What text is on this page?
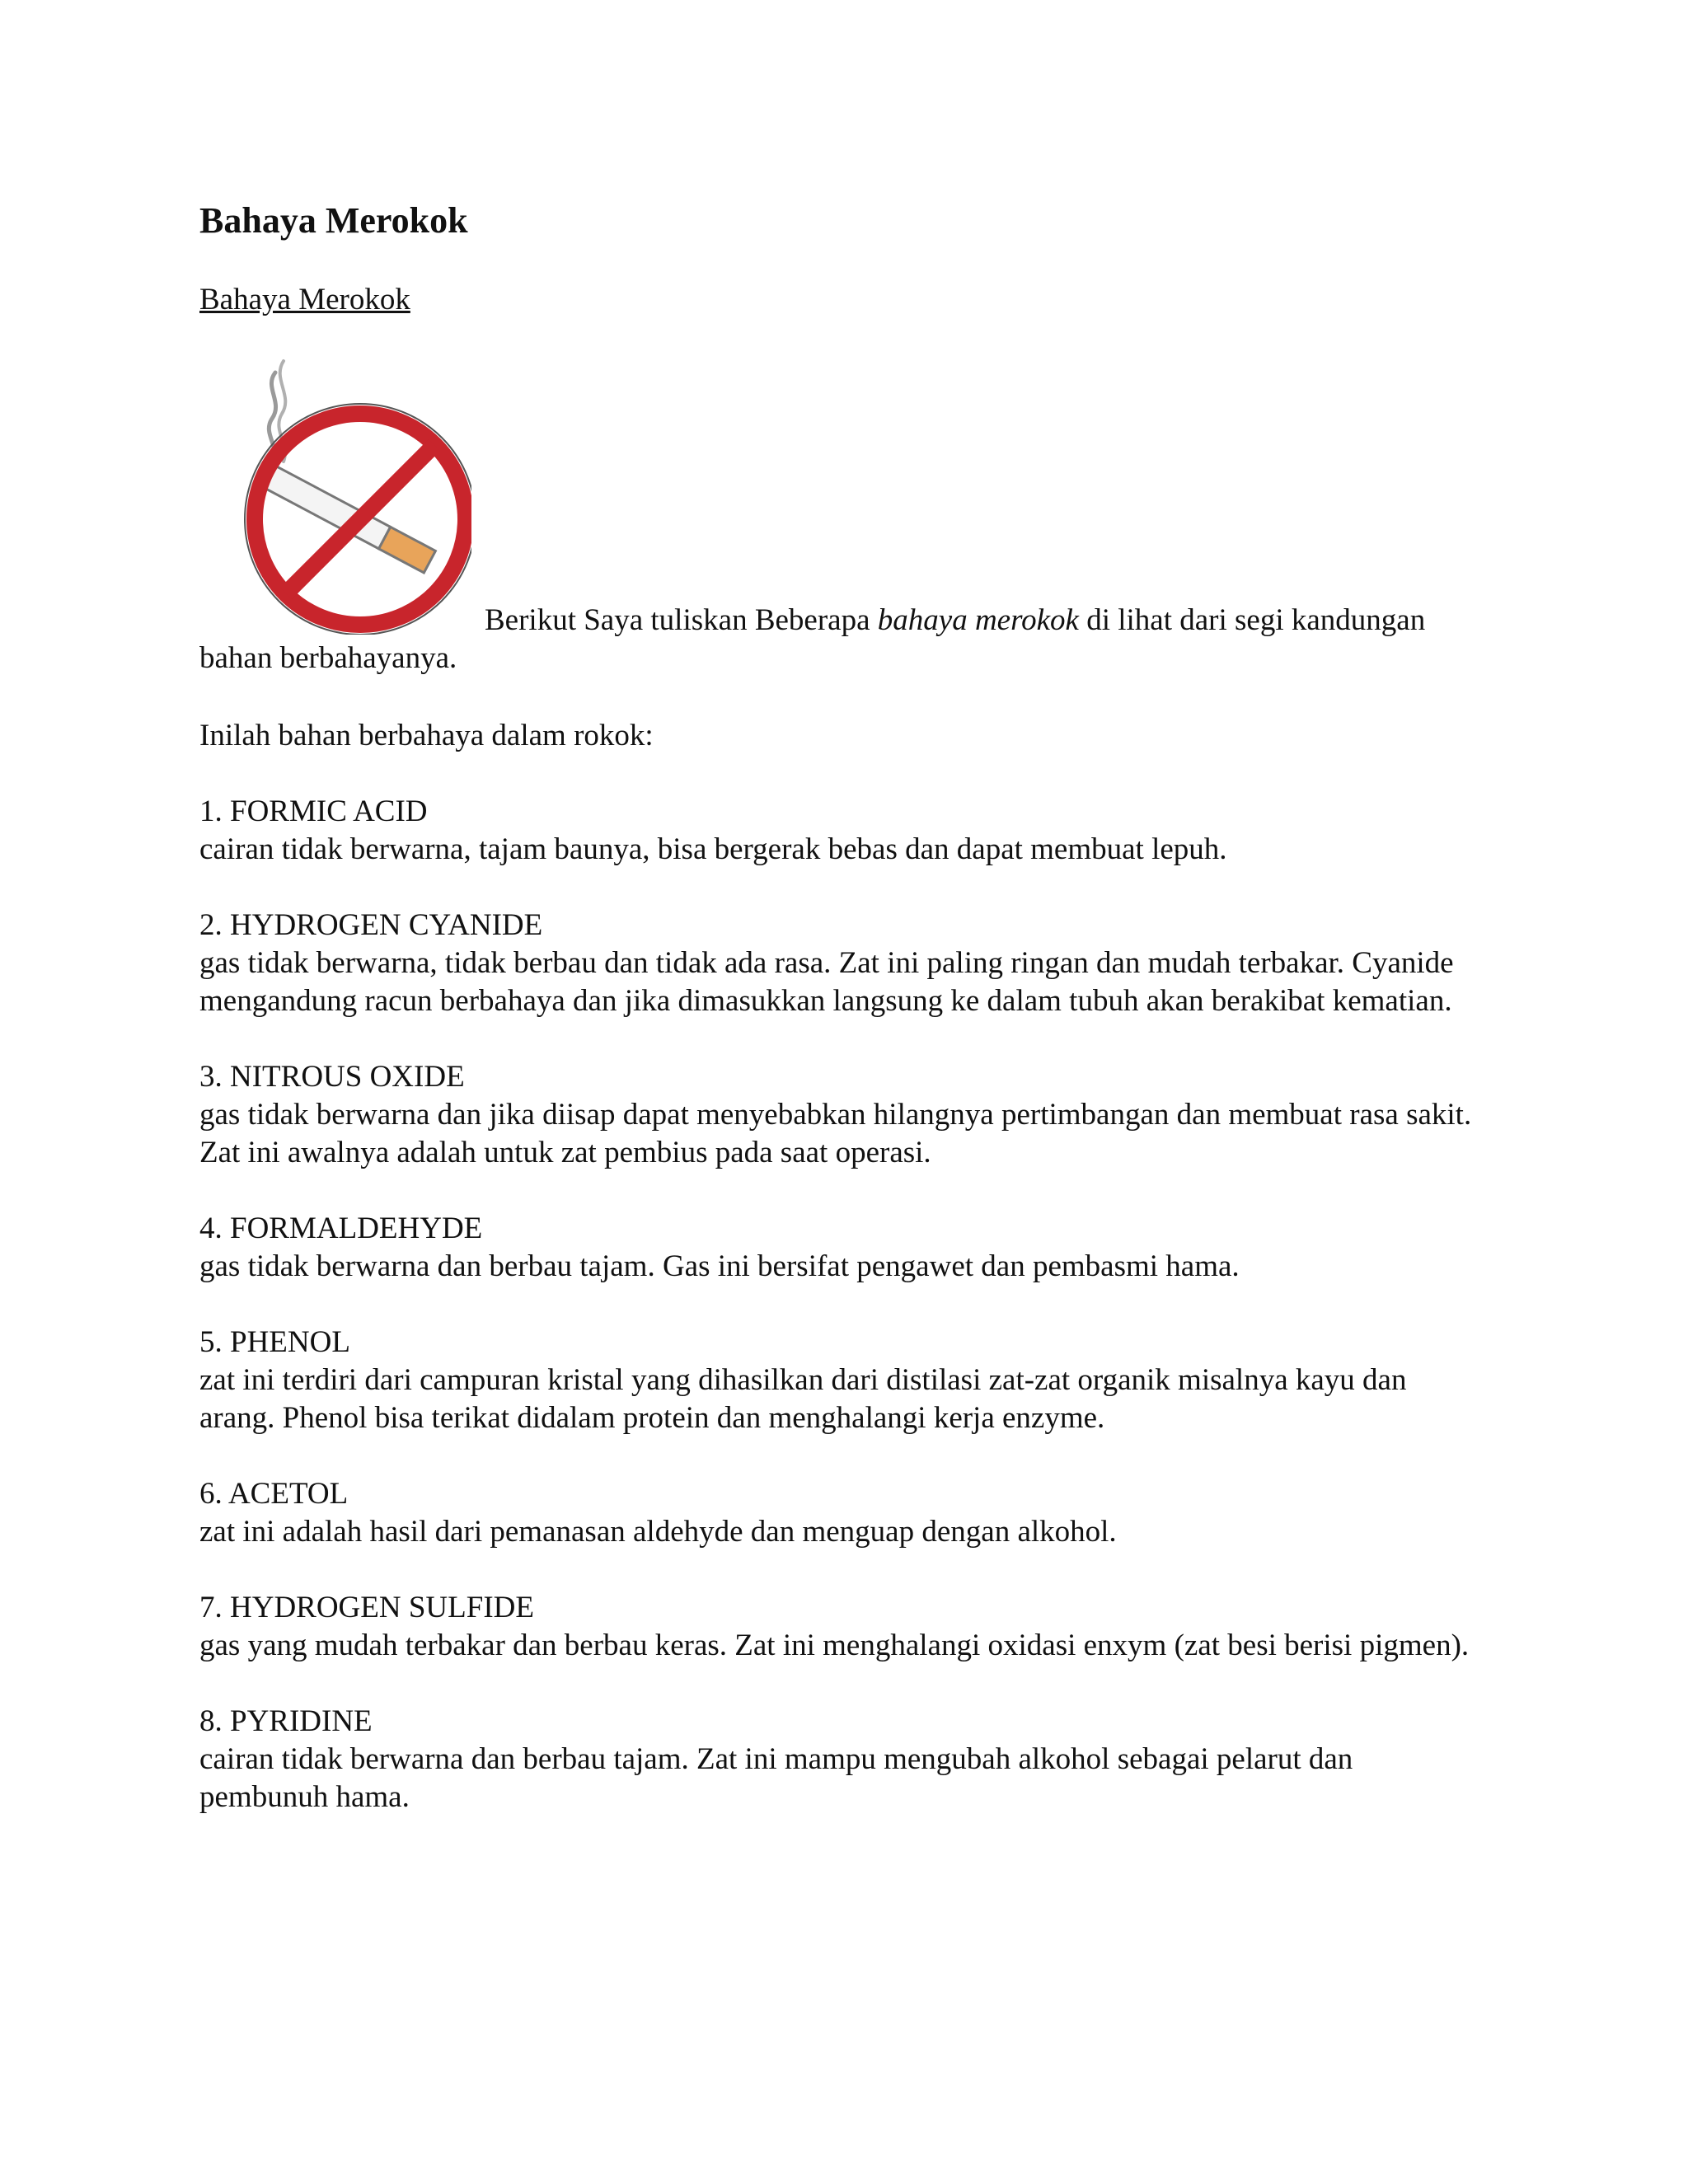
Bahaya Merokok
Bahaya Merokok
Berikut Saya tuliskan Beberapa bahaya merokok di lihat dari segi kandungan bahan berbahayanya.
Inilah bahan berbahaya dalam rokok:
1. FORMIC ACID
cairan tidak berwarna, tajam baunya, bisa bergerak bebas dan dapat membuat lepuh.
2. HYDROGEN CYANIDE
gas tidak berwarna, tidak berbau dan tidak ada rasa. Zat ini paling ringan dan mudah terbakar. Cyanide mengandung racun berbahaya dan jika dimasukkan langsung ke dalam tubuh akan berakibat kematian.
3. NITROUS OXIDE
gas tidak berwarna dan jika diisap dapat menyebabkan hilangnya pertimbangan dan membuat rasa sakit. Zat ini awalnya adalah untuk zat pembius pada saat operasi.
4. FORMALDEHYDE
gas tidak berwarna dan berbau tajam. Gas ini bersifat pengawet dan pembasmi hama.
5. PHENOL
zat ini terdiri dari campuran kristal yang dihasilkan dari distilasi zat-zat organik misalnya kayu dan arang. Phenol bisa terikat didalam protein dan menghalangi kerja enzyme.
6. ACETOL
zat ini adalah hasil dari pemanasan aldehyde dan menguap dengan alkohol.
7. HYDROGEN SULFIDE
gas yang mudah terbakar dan berbau keras. Zat ini menghalangi oxidasi enxym (zat besi berisi pigmen).
8. PYRIDINE
cairan tidak berwarna dan berbau tajam. Zat ini mampu mengubah alkohol sebagai pelarut dan pembunuh hama.
